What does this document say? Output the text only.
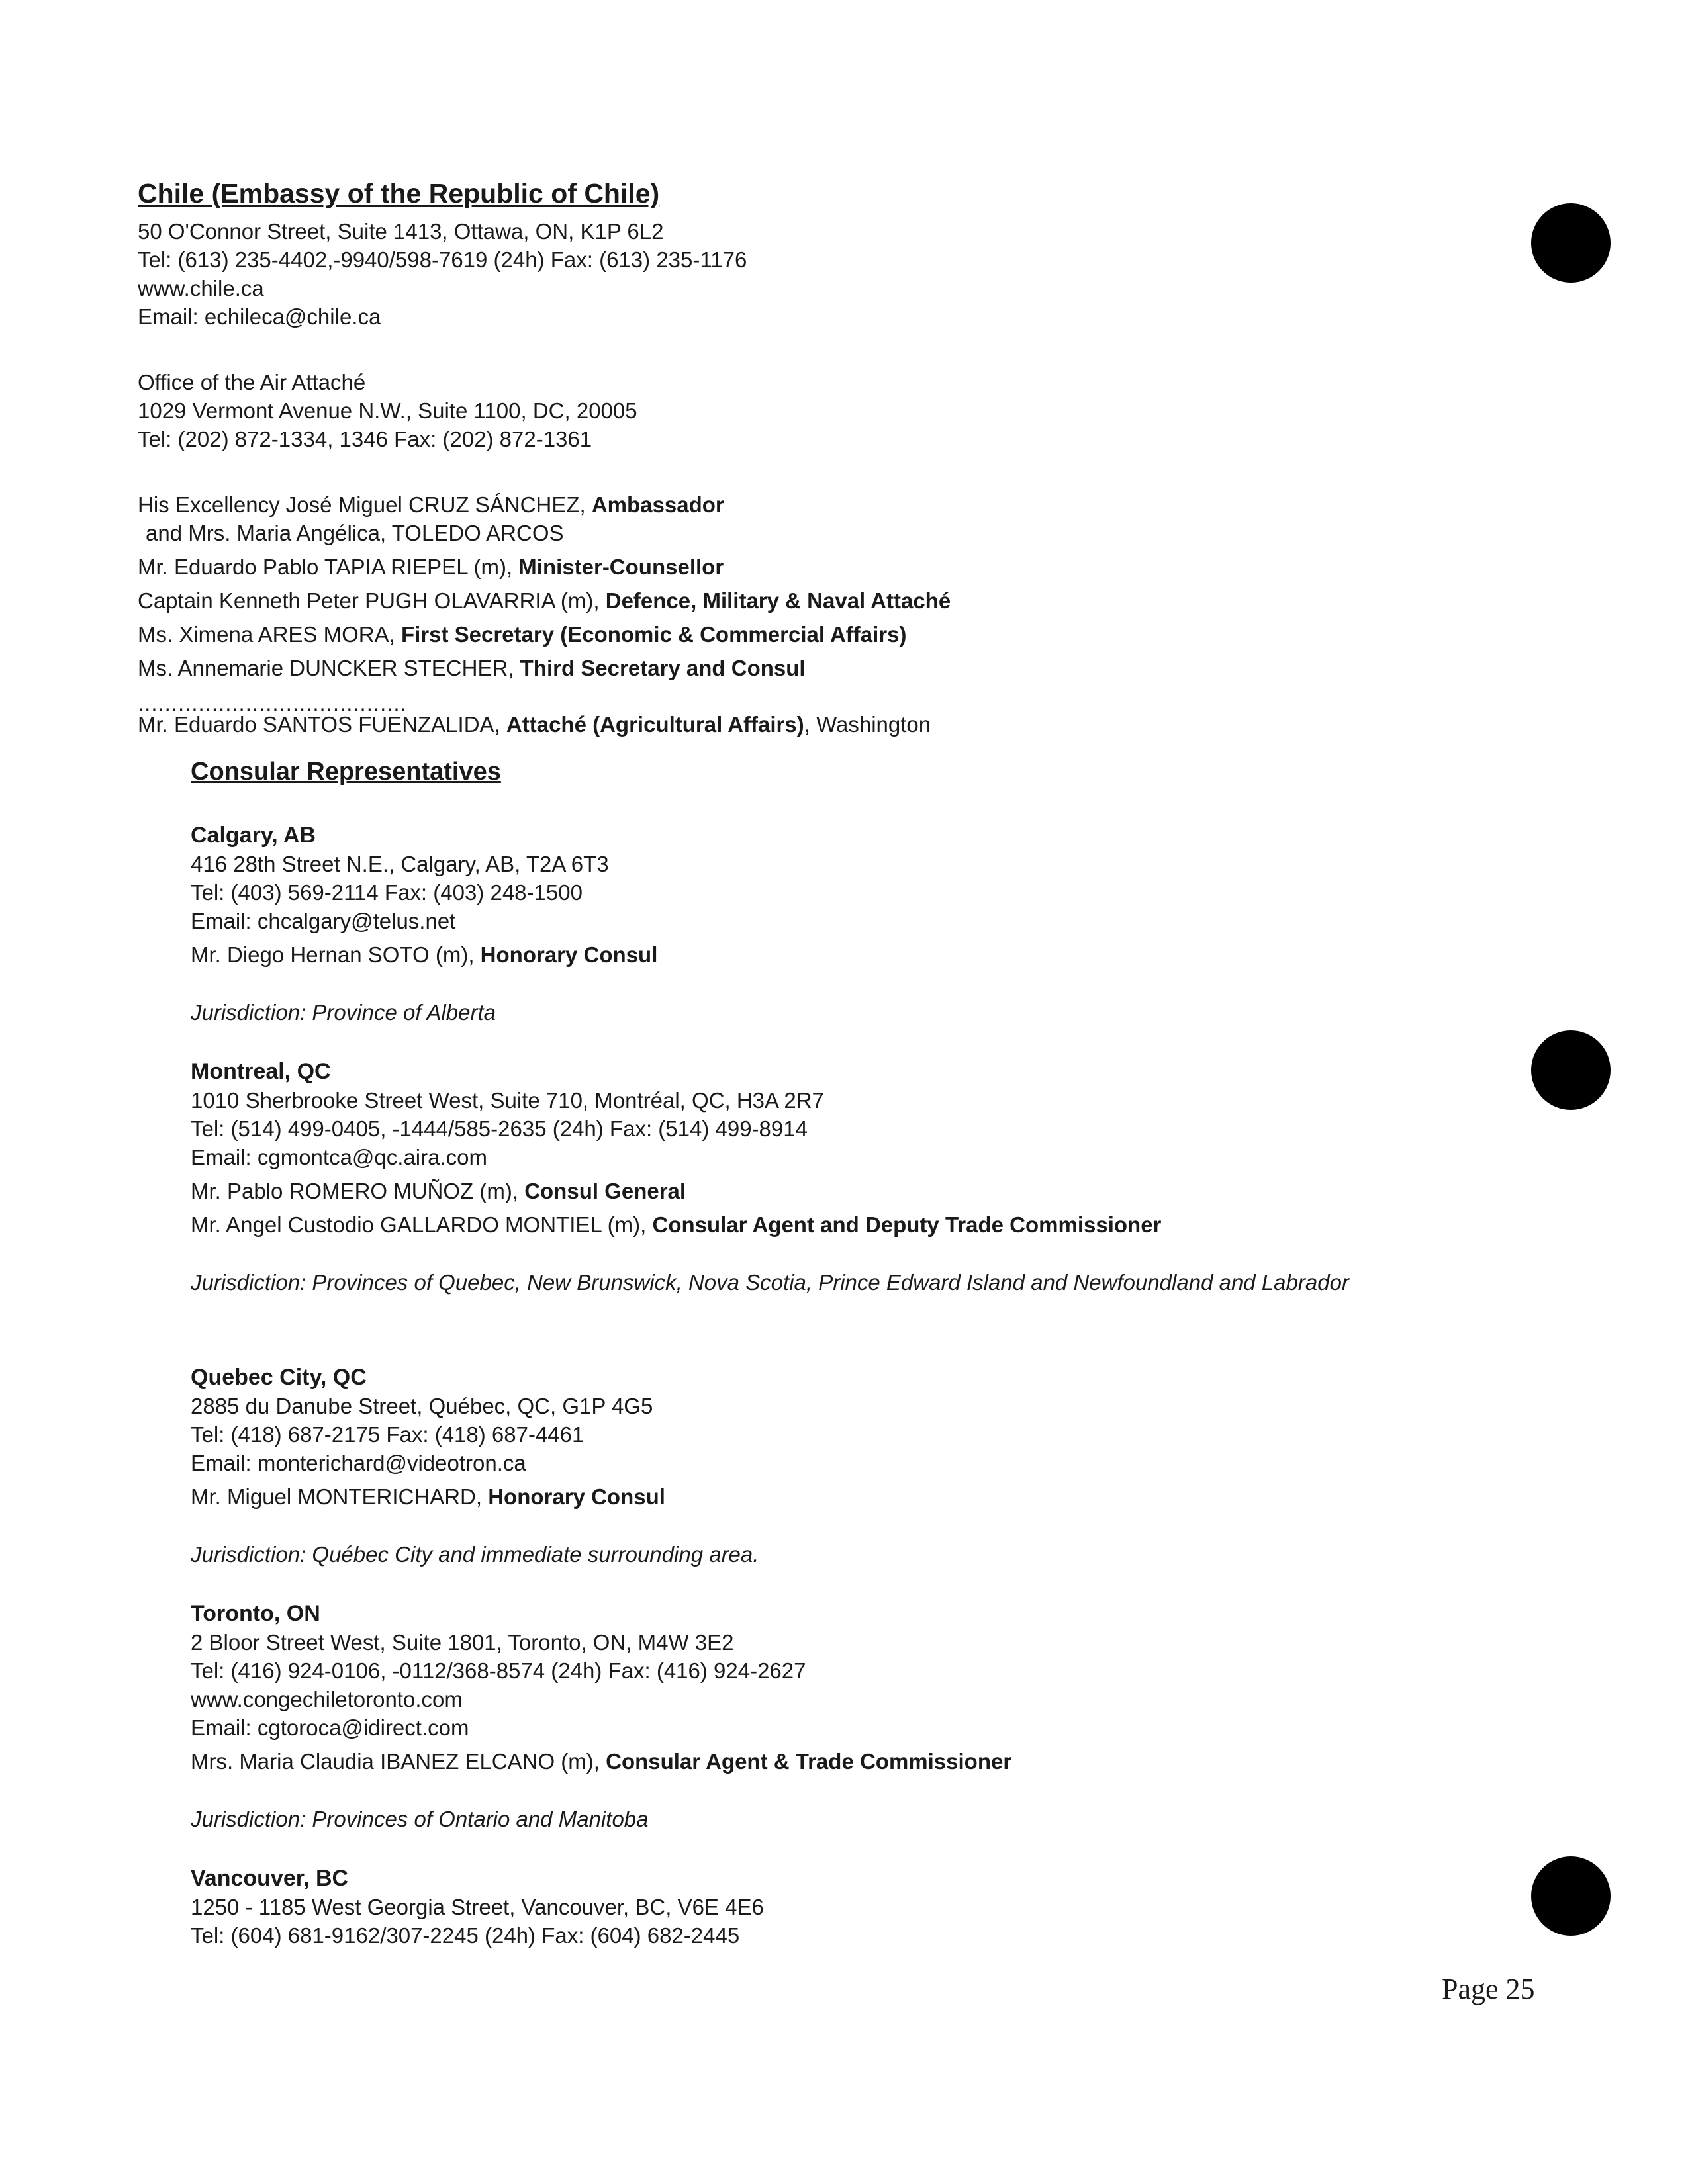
Chile (Embassy of the Republic of Chile)
50 O'Connor Street, Suite 1413, Ottawa, ON, K1P 6L2
Tel: (613) 235-4402,-9940/598-7619 (24h) Fax: (613) 235-1176
www.chile.ca
Email: echileca@chile.ca
Office of the Air Attaché
1029 Vermont Avenue N.W., Suite 1100, DC, 20005
Tel: (202) 872-1334, 1346 Fax: (202) 872-1361
His Excellency José Miguel CRUZ SÁNCHEZ, Ambassador
and Mrs. Maria Angélica, TOLEDO ARCOS
Mr. Eduardo Pablo TAPIA RIEPEL (m), Minister-Counsellor
Captain Kenneth Peter PUGH OLAVARRIA (m), Defence, Military & Naval Attaché
Ms. Ximena ARES MORA, First Secretary (Economic & Commercial Affairs)
Ms. Annemarie DUNCKER STECHER, Third Secretary and Consul
........................................
Mr. Eduardo SANTOS FUENZALIDA, Attaché (Agricultural Affairs), Washington
Consular Representatives
Calgary, AB
416 28th Street N.E., Calgary, AB, T2A 6T3
Tel: (403) 569-2114 Fax: (403) 248-1500
Email: chcalgary@telus.net
Mr. Diego Hernan SOTO (m), Honorary Consul
Jurisdiction: Province of Alberta
Montreal, QC
1010 Sherbrooke Street West, Suite 710, Montréal, QC, H3A 2R7
Tel: (514) 499-0405, -1444/585-2635 (24h) Fax: (514) 499-8914
Email: cgmontca@qc.aira.com
Mr. Pablo ROMERO MUÑOZ (m), Consul General
Mr. Angel Custodio GALLARDO MONTIEL (m), Consular Agent and Deputy Trade Commissioner
Jurisdiction: Provinces of Quebec, New Brunswick, Nova Scotia, Prince Edward Island and Newfoundland and Labrador
Quebec City, QC
2885 du Danube Street, Québec, QC, G1P 4G5
Tel: (418) 687-2175 Fax: (418) 687-4461
Email: monterichard@videotron.ca
Mr. Miguel MONTERICHARD, Honorary Consul
Jurisdiction: Québec City and immediate surrounding area.
Toronto, ON
2 Bloor Street West, Suite 1801, Toronto, ON, M4W 3E2
Tel: (416) 924-0106, -0112/368-8574 (24h) Fax: (416) 924-2627
www.congechiletoronto.com
Email: cgtoroca@idirect.com
Mrs. Maria Claudia IBANEZ ELCANO (m), Consular Agent & Trade Commissioner
Jurisdiction: Provinces of Ontario and Manitoba
Vancouver, BC
1250 - 1185 West Georgia Street, Vancouver, BC, V6E 4E6
Tel: (604) 681-9162/307-2245 (24h) Fax: (604) 682-2445
Page 25
